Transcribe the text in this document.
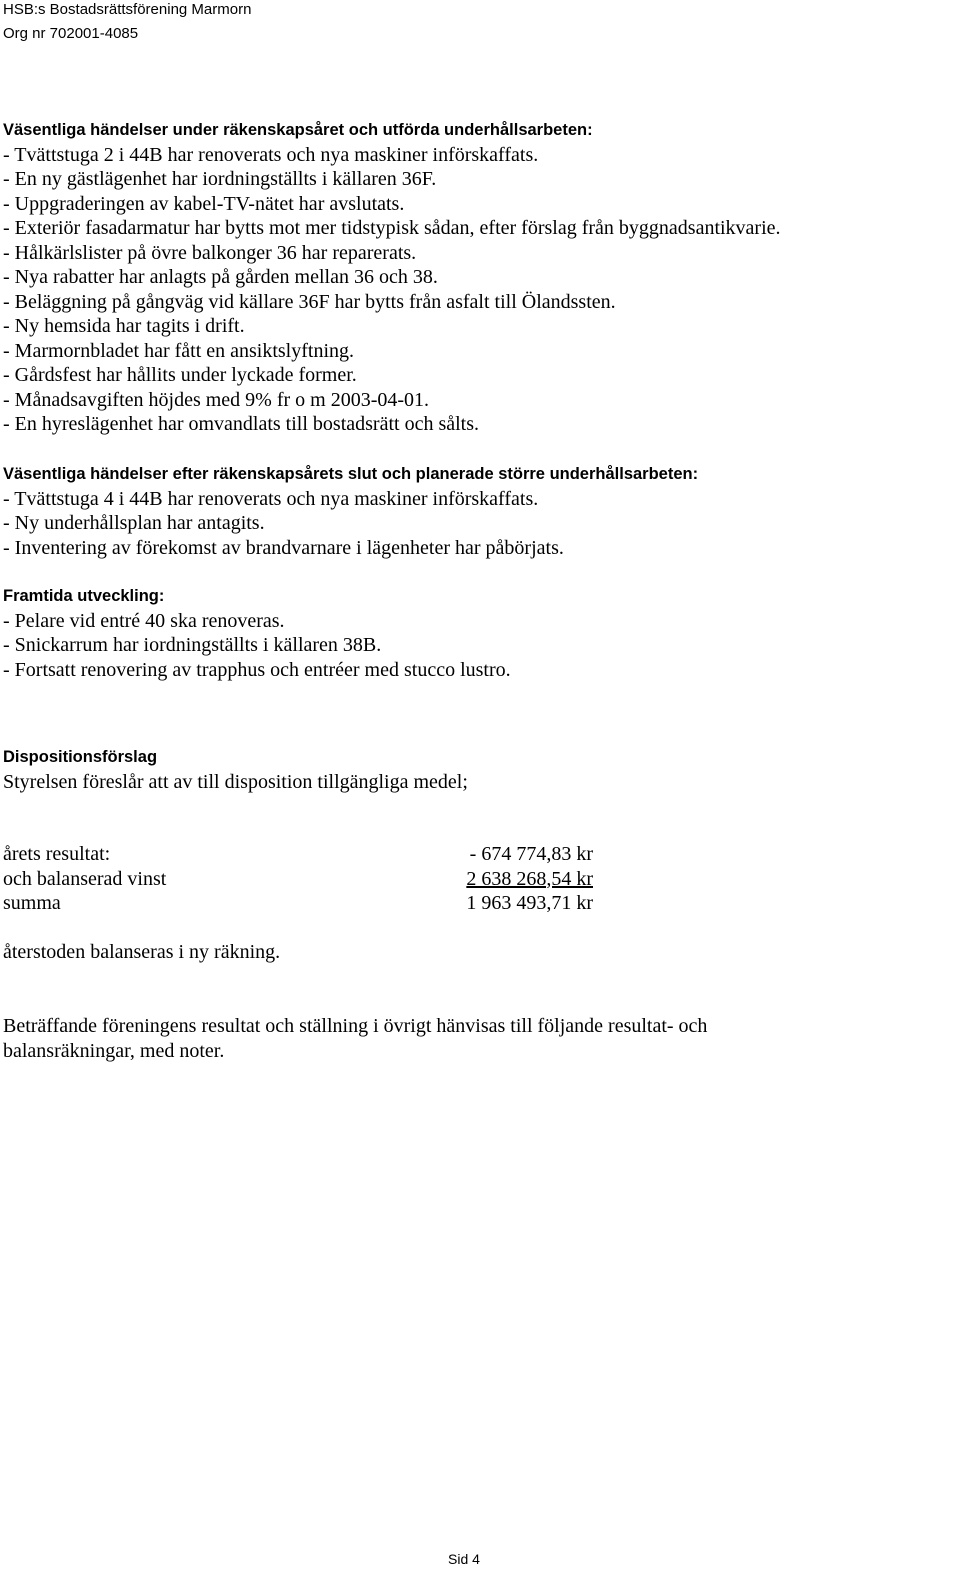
HSB:s Bostadsrättsförening Marmorn
Org nr 702001-4085
Väsentliga händelser under räkenskapsåret och utförda underhållsarbeten:
- Tvättstuga 2 i 44B har renoverats och nya maskiner införskaffats.
- En ny gästlägenhet har iordningställts i källaren 36F.
- Uppgraderingen av kabel-TV-nätet har avslutats.
- Exteriör fasadarmatur har bytts mot mer tidstypisk sådan, efter förslag från byggnadsantikvarie.
- Hålkärlslister på övre balkonger 36 har reparerats.
- Nya rabatter har anlagts på gården mellan 36 och 38.
- Beläggning på gångväg vid källare 36F har bytts från asfalt till Ölandssten.
- Ny hemsida har tagits i drift.
- Marmornbladet har fått en ansiktslyftning.
- Gårdsfest har hållits under lyckade former.
- Månadsavgiften höjdes med 9% fr o m 2003-04-01.
- En hyreslägenhet har omvandlats till bostadsrätt och sålts.
Väsentliga händelser efter räkenskapsårets slut och planerade större underhållsarbeten:
- Tvättstuga 4 i 44B har renoverats och nya maskiner införskaffats.
- Ny underhållsplan har antagits.
- Inventering av förekomst av brandvarnare i lägenheter har påbörjats.
Framtida utveckling:
- Pelare vid entré 40 ska renoveras.
- Snickarrum har iordningställts i källaren 38B.
- Fortsatt renovering av trapphus och entréer med stucco lustro.
Dispositionsförslag
Styrelsen föreslår att av till disposition tillgängliga medel;
årets resultat:	- 674 774,83 kr
och balanserad vinst	2 638 268,54 kr
summa	1 963 493,71 kr
återstoden balanseras i ny räkning.
Beträffande föreningens resultat och ställning i övrigt hänvisas till följande resultat- och
balansräkningar, med noter.
Sid 4
